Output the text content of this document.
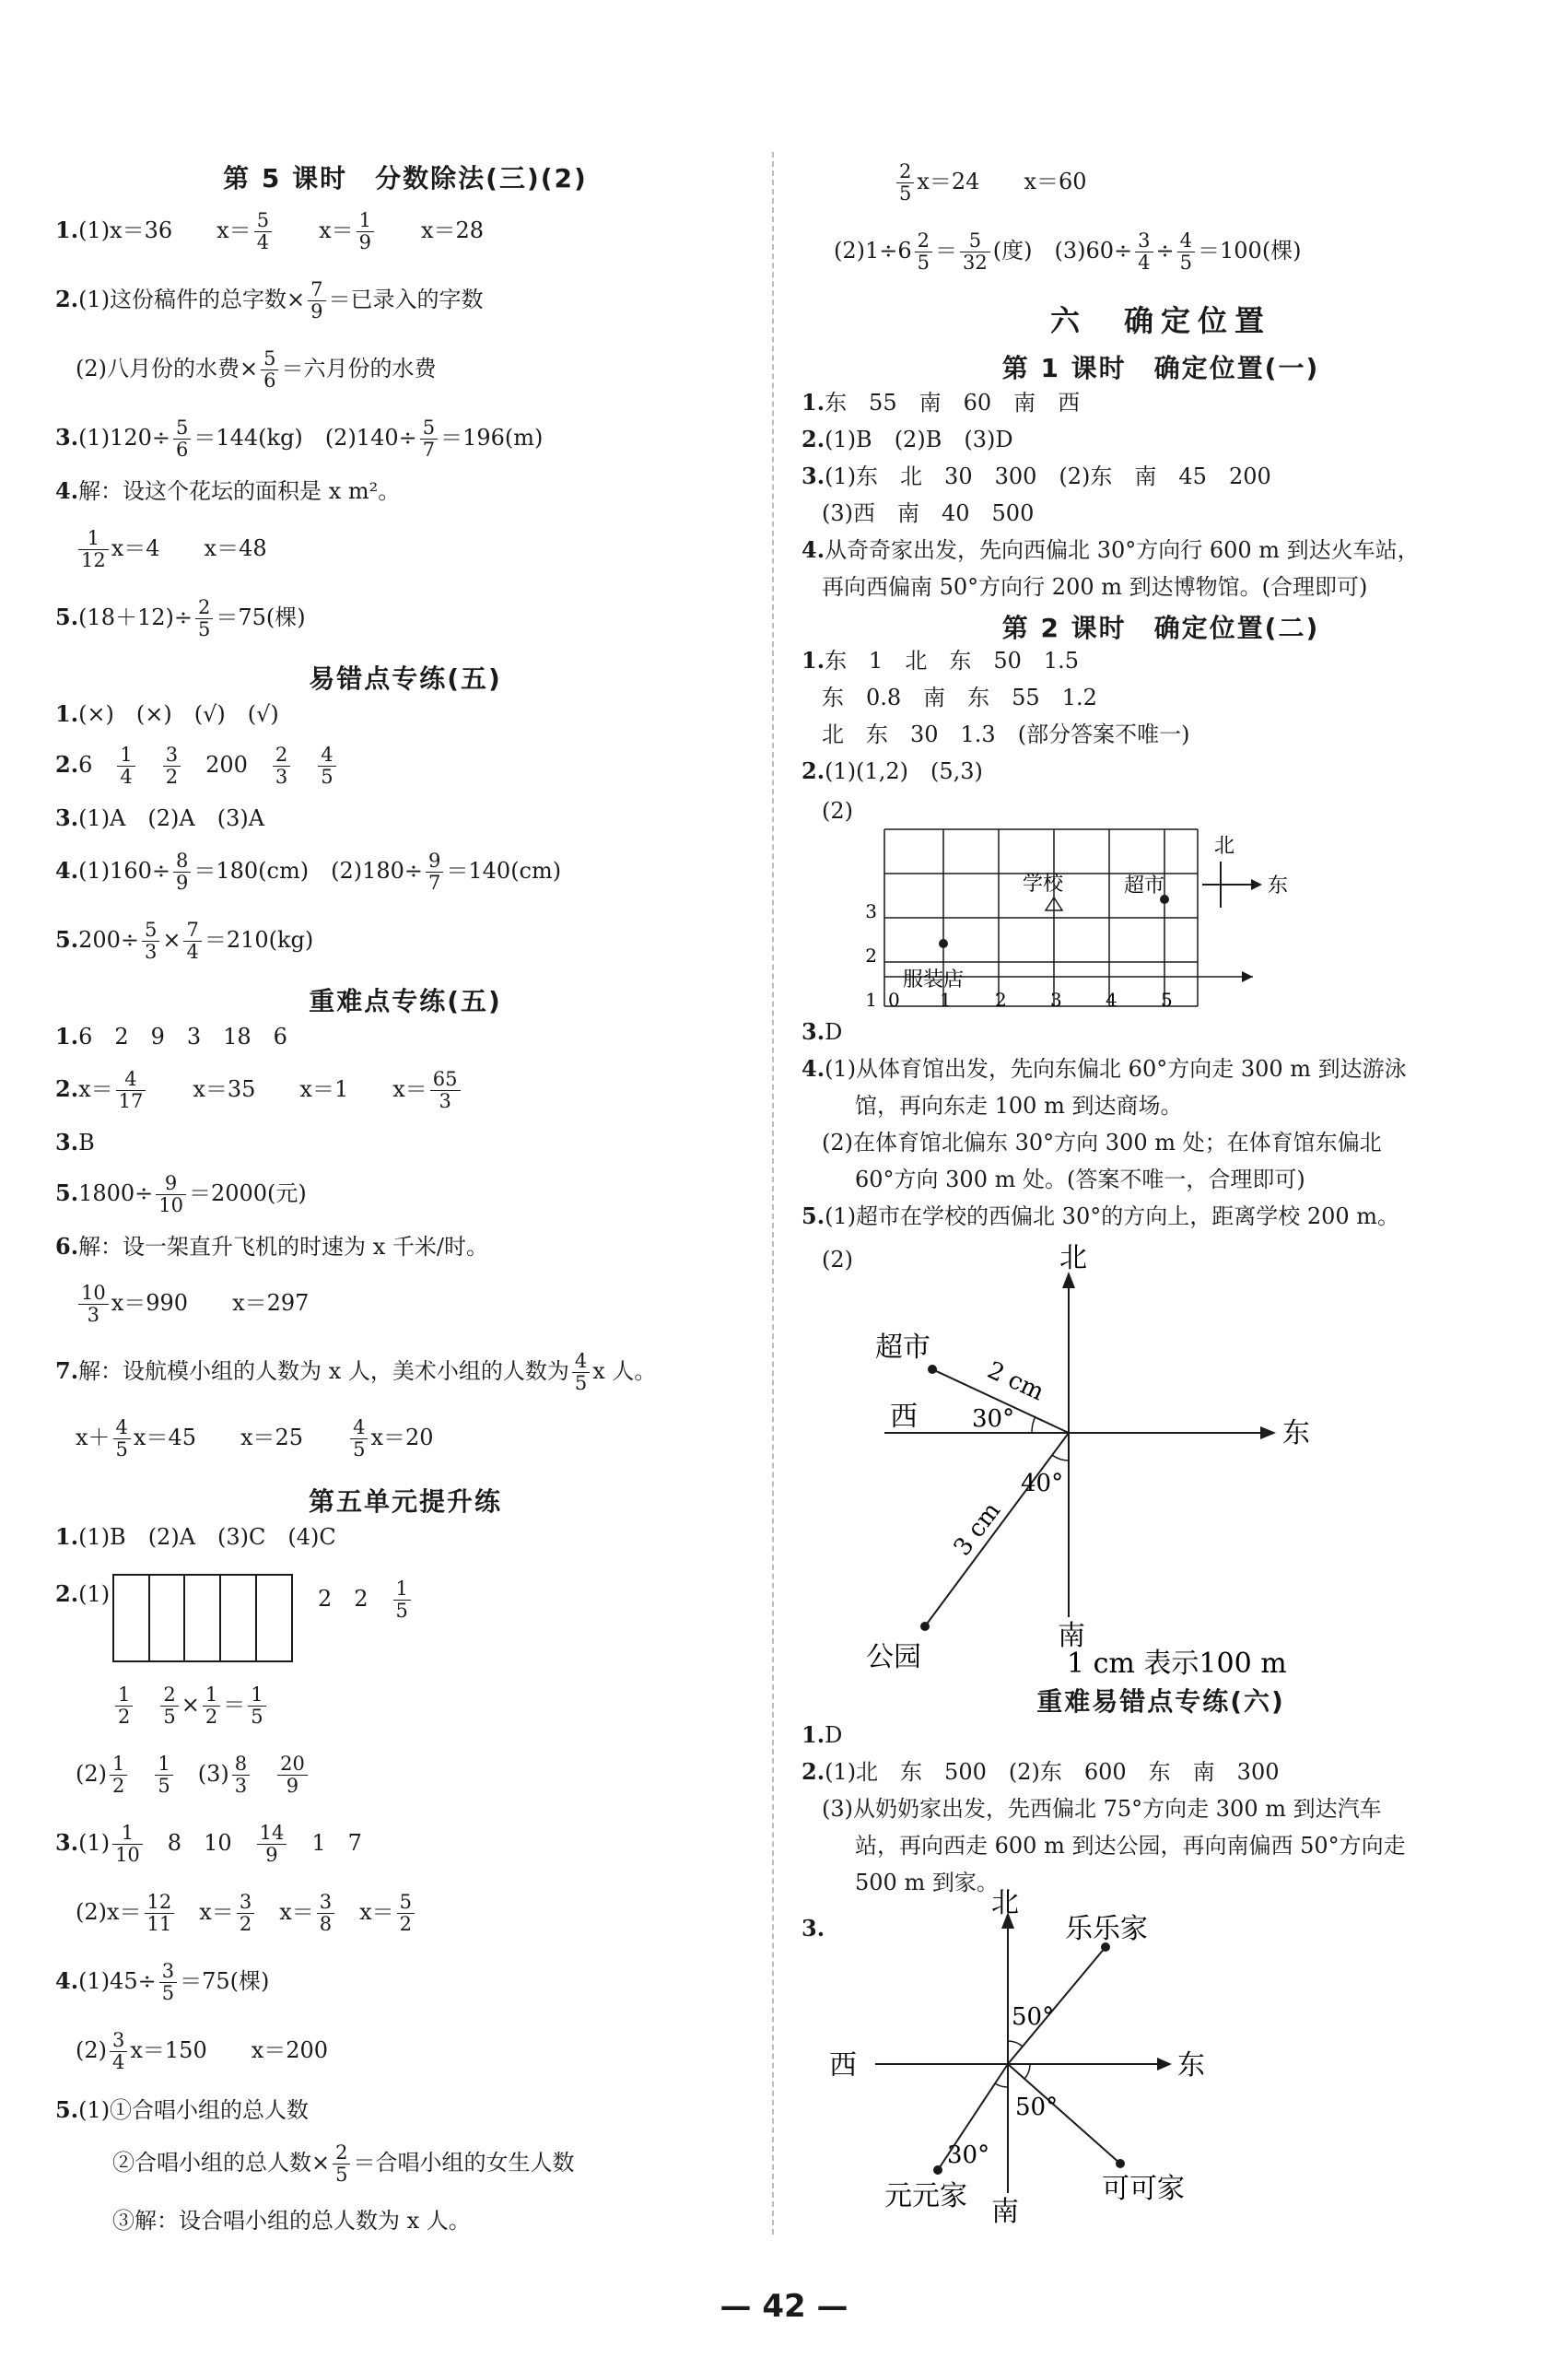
第 5 课时　分数除法(三)(2)
1.(1)x＝36　　 $x= \frac{5}{4}$
　　 $x= \frac{1}{9}$
　　 x＝28
2.(1)这份稿件的总字数× $\frac{7}{9}$ ＝已录入的字数
(2)八月份的水费× $\frac{5}{6}$ ＝六月份的水费
$3.(1)120\div \frac{5}{6} =144(kg)$　 $(2)140\div \frac{5}{7} =196(m)$
4.解：设这个花坛的面积是 x m²。
$\frac{1}{12} x=4$　　 x＝48
$5.(18+12)\div \frac{2}{5} =75$(棵)
易错点专练(五)
1.(×)　(×)　(√)　(√)
2.6　 $\frac{1}{4}$
　 $\frac{3}{2}$
　 200　 $\frac{2}{3}$
　 $\frac{4}{5}$
3.(1)A　(2)A　(3)A
$4.(1)160\div \frac{8}{9} =180(cm)$　 $(2)180\div \frac{9}{7} =140(cm)$
$5.200\div \frac{5}{3} \times \frac{7}{4} =210(kg)$
重难点专练(五)
1.6　2　9　3　18　6
$2.x= \frac{4}{17}$
　　 x＝35　　 x＝1　　 $x= \frac{65}{3}$
3.B
$5.1800\div \frac{9}{10} =2000$(元)
6.解：设一架直升飞机的时速为 x 千米/时。
$\frac{10}{3} x=990$　　 x＝297
7.解：设航模小组的人数为 x 人，美术小组的人数为 $\frac{4}{5}$ x 人。
$x+ \frac{4}{5} x=45$　　 x＝25　　 $\frac{4}{5} x=20$
第五单元提升练
1.(1)B　(2)A　(3)C　(4)C
2.(1)	2　2　 $\frac{1}{5}$
$\frac{1}{2}$
　 $\frac{2}{5} \times \frac{1}{2} = \frac{1}{5}$
$(2) \frac{1}{2}$
　 $\frac{1}{5}$
　 $(3) \frac{8}{3}$
　 $\frac{20}{9}$
$3.(1) \frac{1}{10}$
　 8　10　 $\frac{14}{9}$
　 1　7
$(2)x= \frac{12}{11}$
　 $x= \frac{3}{2}$
　 $x= \frac{3}{8}$
　 $x= \frac{5}{2}$
$4.(1)45\div \frac{3}{5} =75$(棵)
$(2) \frac{3}{4} x=150$　　 x＝200
5.(1)①合唱小组的总人数
②合唱小组的总人数× $\frac{2}{5}$ ＝合唱小组的女生人数
③解：设合唱小组的总人数为 x 人。
$\frac{2}{5} x=24$　　 x＝60
$(2)1\div 6 \frac{2}{5} = \frac{5}{32}$ (度)　 $(3)60\div \frac{3}{4} \div \frac{4}{5} =100$(棵)
六　确定位置
第 1 课时　确定位置(一)
1.东　55　南　60　南　西
2.(1)B　(2)B　(3)D
3.(1)东　北　30　300　(2)东　南　45　200
(3)西　南　40　500
4.从奇奇家出发，先向西偏北 30°方向行 600 m 到达火车站，
再向西偏南 50°方向行 200 m 到达博物馆。(合理即可)
第 2 课时　确定位置(二)
1.东　1　北　东　50　1.5
东　0.8　南　东　55　1.2
北　东　30　1.3　(部分答案不唯一)
2.(1)(1,2)　(5,3)
(2)
1
2
3
0 1 2 3 4 5
服装店
学校	超市
北
东
3.D
4.(1)从体育馆出发，先向东偏北 60°方向走 300 m 到达游泳
馆，再向东走 100 m 到达商场。
(2)在体育馆北偏东 30°方向 300 m 处；在体育馆东偏北
60°方向 300 m 处。(答案不唯一，合理即可)
5.(1)超市在学校的西偏北 30°的方向上，距离学校 200 m。
(2)	北
南
西
东
超市
公园
2 cm
3 cm
30°
40°
1 cm 表示100 m
重难易错点专练(六)
1.D
2.(1)北　东　500　(2)东　600　东　南　300
(3)从奶奶家出发，先西偏北 75°方向走 300 m 到达汽车
站，再向西走 600 m 到达公园，再向南偏西 50°方向走
500 m 到家。
3.
北
南
西	东
乐乐家
可可家
元元家
50°
50°
30°
— 42 —
